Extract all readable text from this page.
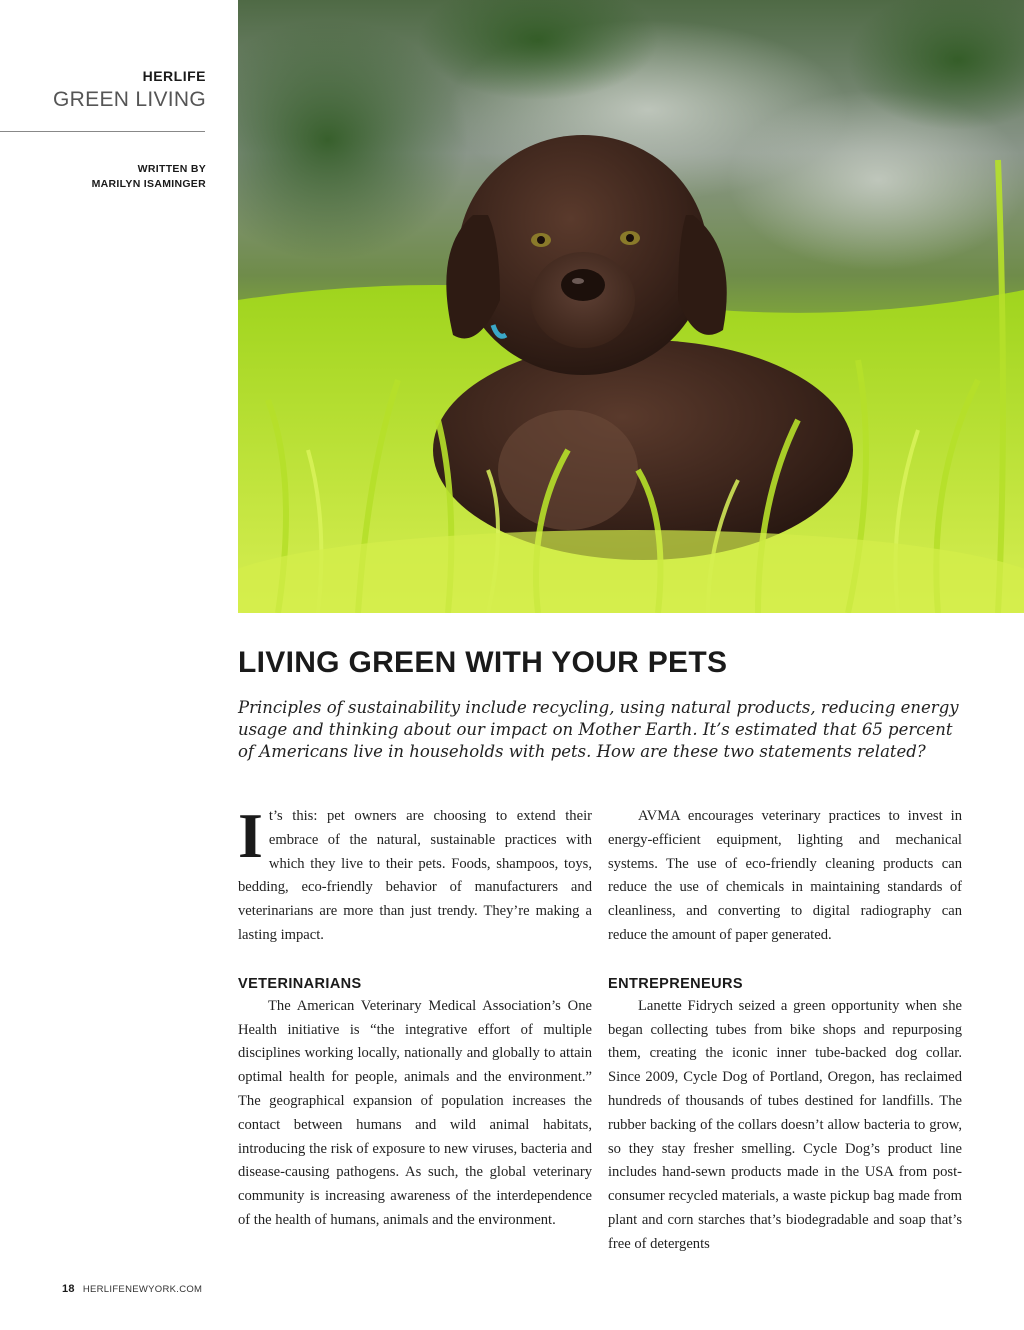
HERLIFE
GREEN LIVING
WRITTEN BY
MARILYN ISAMINGER
LIVING GREEN WITH YOUR PETS

Principles of sustainability include recycling, using natural products, reducing energy usage and thinking about our impact on Mother Earth. It’s estimated that 65 percent of Americans live in households with pets. How are these two statements related?

It’s this: pet owners are choosing to extend their embrace of the natural, sustainable practices with which they live to their pets. Foods, shampoos, toys, bedding, eco-friendly behavior of manufacturers and veterinarians are more than just trendy. They’re making a lasting impact.

VETERINARIANS

The American Veterinary Medical Association’s One Health initiative is “the integrative effort of multiple disciplines working locally, nationally and globally to attain optimal health for people, animals and the environment.” The geographical expansion of population increases the contact between humans and wild animal habitats, introducing the risk of exposure to new viruses, bacteria and disease-causing pathogens. As such, the global veterinary community is increasing awareness of the interdependence of the health of humans, animals and the environment.

AVMA encourages veterinary practices to invest in energy-efficient equipment, lighting and mechanical systems. The use of eco-friendly cleaning products can reduce the use of chemicals in maintaining standards of cleanliness, and converting to digital radiography can reduce the amount of paper generated.

ENTREPRENEURS

Lanette Fidrych seized a green opportunity when she began collecting tubes from bike shops and repurposing them, creating the iconic inner tube-backed dog collar. Since 2009, Cycle Dog of Portland, Oregon, has reclaimed hundreds of thousands of tubes destined for landfills. The rubber backing of the collars doesn’t allow bacteria to grow, so they stay fresher smelling. Cycle Dog’s product line includes hand-sewn products made in the USA from post-consumer recycled materials, a waste pickup bag made from plant and corn starches that’s biodegradable and soap that’s free of detergents

18 HERLIFENEWYORK.COM
